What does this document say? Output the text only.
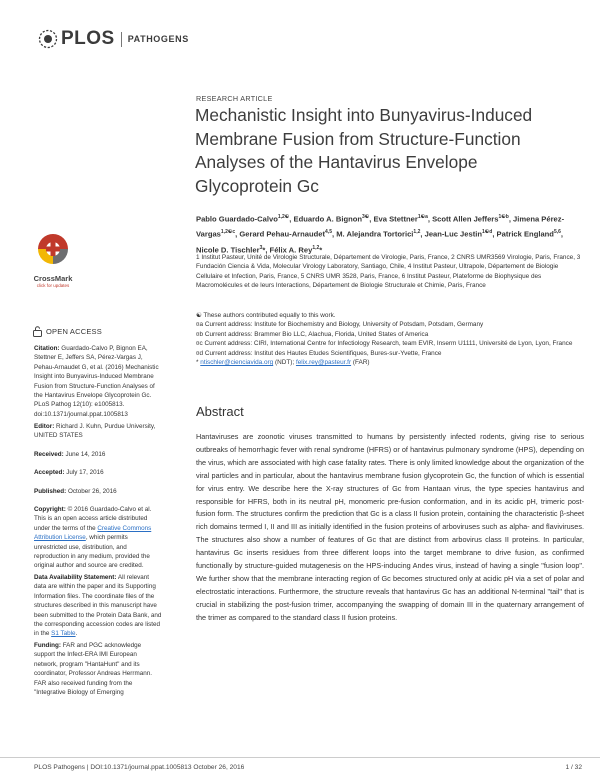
PLOS PATHOGENS
CrossMark
click for updates
OPEN ACCESS
Citation: Guardado-Calvo P, Bignon EA, Stettner E, Jeffers SA, Pérez-Vargas J, Pehau-Arnaudet G, et al. (2016) Mechanistic Insight into Bunyavirus-Induced Membrane Fusion from Structure-Function Analyses of the Hantavirus Envelope Glycoprotein Gc. PLoS Pathog 12(10): e1005813. doi:10.1371/journal.ppat.1005813
Editor: Richard J. Kuhn, Purdue University, UNITED STATES
Received: June 14, 2016
Accepted: July 17, 2016
Published: October 26, 2016
Copyright: © 2016 Guardado-Calvo et al. This is an open access article distributed under the terms of the Creative Commons Attribution License, which permits unrestricted use, distribution, and reproduction in any medium, provided the original author and source are credited.
Data Availability Statement: All relevant data are within the paper and its Supporting Information files. The coordinate files of the structures described in this manuscript have been submitted to the Protein Data Bank, and the corresponding accession codes are listed in the S1 Table.
Funding: FAR and PGC acknowledge support the Infect-ERA IMI European network, program "HantaHunt" and its coordinator, Professor Andreas Herrmann. FAR also received funding from the "Integrative Biology of Emerging
RESEARCH ARTICLE
Mechanistic Insight into Bunyavirus-Induced Membrane Fusion from Structure-Function Analyses of the Hantavirus Envelope Glycoprotein Gc
Pablo Guardado-Calvo$^{1,2☯}$, Eduardo A. Bignon$^{3☯}$, Eva Stettner$^{1☯a}$, Scott Allen Jeffers$^{1☯b}$, Jimena Pérez-Vargas$^{1,2☯c}$, Gerard Pehau-Arnaudet$^{4,5}$, M. Alejandra Tortorici$^{1,2}$, Jean-Luc Jestin$^{1☯d}$, Patrick England$^{5,6}$, Nicole D. Tischler$^3$*, Félix A. Rey$^{1,2}$*
1 Institut Pasteur, Unité de Virologie Structurale, Département de Virologie, Paris, France, 2 CNRS UMR3569 Virologie, Paris, France, 3 Fundación Ciencia & Vida, Molecular Virology Laboratory, Santiago, Chile, 4 Institut Pasteur, Ultrapole, Département de Biologie Cellulaire et Infection, Paris, France, 5 CNRS UMR 3528, Paris, France, 6 Institut Pasteur, Plateforme de Biophysique des Macromolécules et de leurs Interactions, Département de Biologie Structurale et Chimie, Paris, France
☯ These authors contributed equally to this work.
¤a Current address: Institute for Biochemistry and Biology, University of Potsdam, Potsdam, Germany
¤b Current address: Brammer Bio LLC, Alachua, Florida, United States of America
¤c Current address: CIRI, International Centre for Infectiology Research, team EVIR, Inserm U1111, Université de Lyon, Lyon, France
¤d Current address: Institut des Hautes Etudes Scientifiques, Bures-sur-Yvette, France
* ntischler@cienciavida.org (NDT); felix.rey@pasteur.fr (FAR)
Abstract
Hantaviruses are zoonotic viruses transmitted to humans by persistently infected rodents, giving rise to serious outbreaks of hemorrhagic fever with renal syndrome (HFRS) or of hantavirus pulmonary syndrome (HPS), depending on the virus, which are associated with high case fatality rates. There is only limited knowledge about the organization of the viral particles and in particular, about the hantavirus membrane fusion glycoprotein Gc, the function of which is essential for virus entry. We describe here the X-ray structures of Gc from Hantaan virus, the type species hantavirus and responsible for HFRS, both in its neutral pH, monomeric pre-fusion conformation, and in its acidic pH, trimeric post-fusion form. The structures confirm the prediction that Gc is a class II fusion protein, containing the characteristic β-sheet rich domains termed I, II and III as initially identified in the fusion proteins of arboviruses such as alpha- and flaviviruses. The structures also show a number of features of Gc that are distinct from arbovirus class II proteins. In particular, hantavirus Gc inserts residues from three different loops into the target membrane to drive fusion, as confirmed functionally by structure-guided mutagenesis on the HPS-inducing Andes virus, instead of having a single "fusion loop". We further show that the membrane interacting region of Gc becomes structured only at acidic pH via a set of polar and electrostatic interactions. Furthermore, the structure reveals that hantavirus Gc has an additional N-terminal "tail" that is crucial in stabilizing the post-fusion trimer, accompanying the swapping of domain III in the quaternary arrangement of the trimer as compared to the standard class II fusion proteins.
PLOS Pathogens | DOI:10.1371/journal.ppat.1005813 October 26, 2016	1 / 32
